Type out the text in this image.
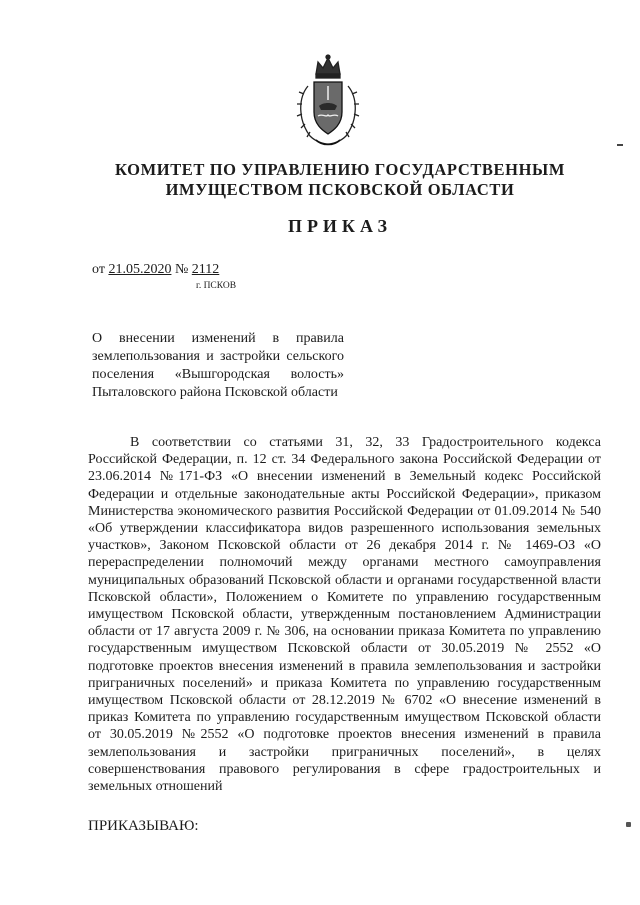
КОМИТЕТ ПО УПРАВЛЕНИЮ ГОСУДАРСТВЕННЫМ
ИМУЩЕСТВОМ ПСКОВСКОЙ ОБЛАСТИ
ПРИКАЗ
от 21.05.2020 № 2112
г. ПСКОВ
О внесении изменений в правила землепользования и застройки сельского поселения «Вышгородская волость» Пыталовского района Псковской области

В соответствии со статьями 31, 32, 33 Градостроительного кодекса Российской Федерации, п. 12 ст. 34 Федерального закона Российской Федерации от 23.06.2014 №171-ФЗ «О внесении изменений в Земельный кодекс Российской Федерации и отдельные законодательные акты Российской Федерации», приказом Министерства экономического развития Российской Федерации от 01.09.2014 № 540 «Об утверждении классификатора видов разрешенного использования земельных участков», Законом Псковской области от 26 декабря 2014 г. № 1469-ОЗ «О перераспределении полномочий между органами местного самоуправления муниципальных образований Псковской области и органами государственной власти Псковской области», Положением о Комитете по управлению государственным имуществом Псковской области, утвержденным постановлением Администрации области от 17 августа 2009 г. № 306, на основании приказа Комитета по управлению государственным имуществом Псковской области от 30.05.2019 № 2552 «О подготовке проектов внесения изменений в правила землепользования и застройки приграничных поселений» и приказа Комитета по управлению государственным имуществом Псковской области от 28.12.2019 № 6702 «О внесение изменений в приказ Комитета по управлению государственным имуществом Псковской области от 30.05.2019 №2552 «О подготовке проектов внесения изменений в правила землепользования и застройки приграничных поселений», в целях совершенствования правового регулирования в сфере градостроительных и земельных отношений

ПРИКАЗЫВАЮ:
